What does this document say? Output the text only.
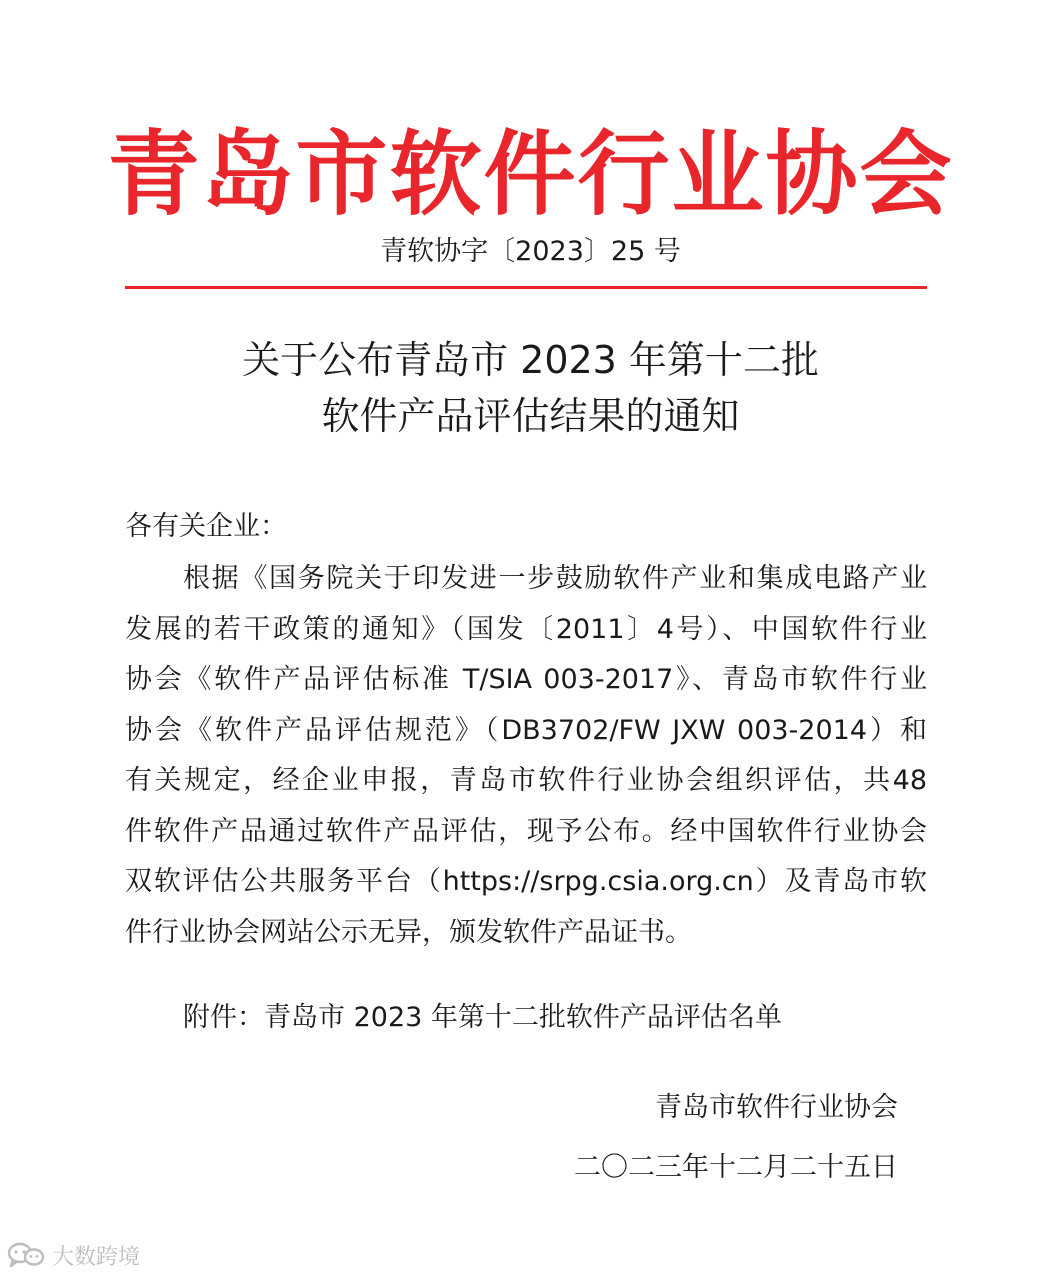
青岛市软件行业协会
青软协字〔2023〕25 号
关于公布青岛市 2023 年第十二批
软件产品评估结果的通知
各有关企业：
根据《国务院关于印发进一步鼓励软件产业和集成电路产业
发展的若干政策的通知》（国发〔2011〕4号）、中国软件行业
协会《软件产品评估标准 T/SIA 003-2017》、青岛市软件行业
协会《软件产品评估规范》（DB3702/FW JXW 003-2014）和
有关规定，经企业申报，青岛市软件行业协会组织评估，共48
件软件产品通过软件产品评估，现予公布。经中国软件行业协会
双软评估公共服务平台（https://srpg.csia.org.cn）及青岛市软
件行业协会网站公示无异，颁发软件产品证书。
附件：青岛市 2023 年第十二批软件产品评估名单
青岛市软件行业协会
二〇二三年十二月二十五日
大数跨境
